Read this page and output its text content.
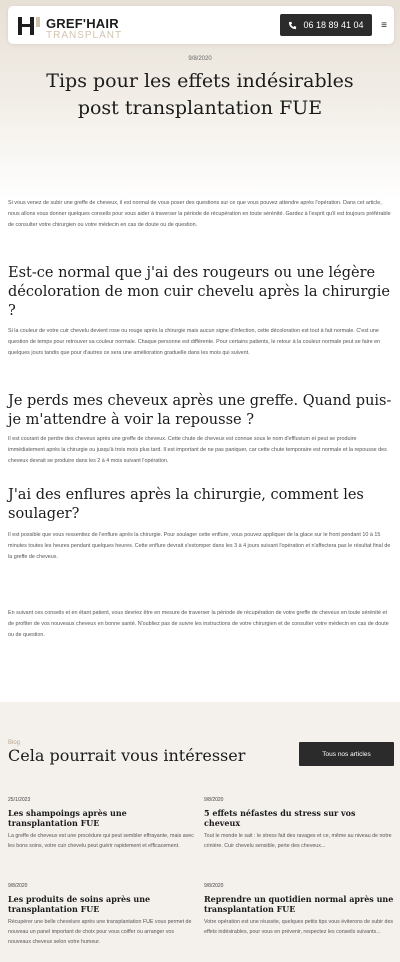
GREF'HAIR
TRANSPLANT
06 18 89 41 04 ≡
9/8/2020
Tips pour les effets indésirables post transplantation FUE

Si vous venez de subir une greffe de cheveux, il est normal de vous poser des questions sur ce que vous pouvez attendre après l'opération. Dans cet article, nous allons vous donner quelques conseils pour vous aider à traverser la période de récupération en toute sérénité. Gardez à l'esprit qu'il est toujours préférable de consulter votre chirurgien ou votre médecin en cas de doute ou de question.

Est-ce normal que j'ai des rougeurs ou une légère décoloration de mon cuir chevelu après la chirurgie ?

Si la couleur de votre cuir chevelu devient rose ou rouge après la chirurgie mais aucun signe d'infection, cette décoloration est tout à fait normale. C'est une question de temps pour retrouver sa couleur normale. Chaque personne est différente. Pour certains patients, le retour à la couleur normale peut se faire en quelques jours tandis que pour d'autres ce sera une amélioration graduelle dans les mois qui suivent.

Je perds mes cheveux après une greffe. Quand puis-je m'attendre à voir la repousse ?

Il est courant de perdre des cheveux après une greffe de cheveux. Cette chute de cheveux est connue sous le nom d'effluvium et peut se produire immédiatement après la chirurgie ou jusqu'à trois mois plus tard. Il est important de ne pas paniquer, car cette chute temporaire est normale et la repousse des cheveux devrait se produire dans les 2 à 4 mois suivant l'opération.

J'ai des enflures après la chirurgie, comment les soulager?

Il est possible que vous ressentiez de l'enflure après la chirurgie. Pour soulager cette enflure, vous pouvez appliquer de la glace sur le front pendant 10 à 15 minutes toutes les heures pendant quelques heures. Cette enflure devrait s'estomper dans les 3 à 4 jours suivant l'opération et n'affectera pas le résultat final de la greffe de cheveux.

En suivant ces conseils et en étant patient, vous devriez être en mesure de traverser la période de récupération de votre greffe de cheveux en toute sérénité et de profiter de vos nouveaux cheveux en bonne santé. N'oubliez pas de suivre les instructions de votre chirurgien et de consulter votre médecin en cas de doute ou de question.

Blog
Cela pourrait vous intéresser	Tous nos articles

25/1/2023

Les shampoings après une transplantation FUE

La greffe de cheveux est une procédure qui peut sembler effrayante, mais avec les bons soins, votre cuir chevelu peut guérir rapidement et efficacement.

9/8/2020

5 effets néfastes du stress sur vos cheveux

Tout le monde le sait : le stress fait des ravages et ce, même au niveau de notre crinière. Cuir chevelu sensible, perte des cheveux...

9/8/2020

Les produits de soins après une transplantation FUE

Récupérer une belle chevelure après une transplantation FUE vous permet de nouveau un panel important de choix pour vous coiffer ou arranger vos nouveaux cheveux selon votre humeur.

9/8/2020

Reprendre un quotidien normal après une transplantation FUE

Votre opération est une réussite, quelques petits tips vous éviterons de subir des effets indésirables, pour vous en prévenir, respectez les conseils suivants...
